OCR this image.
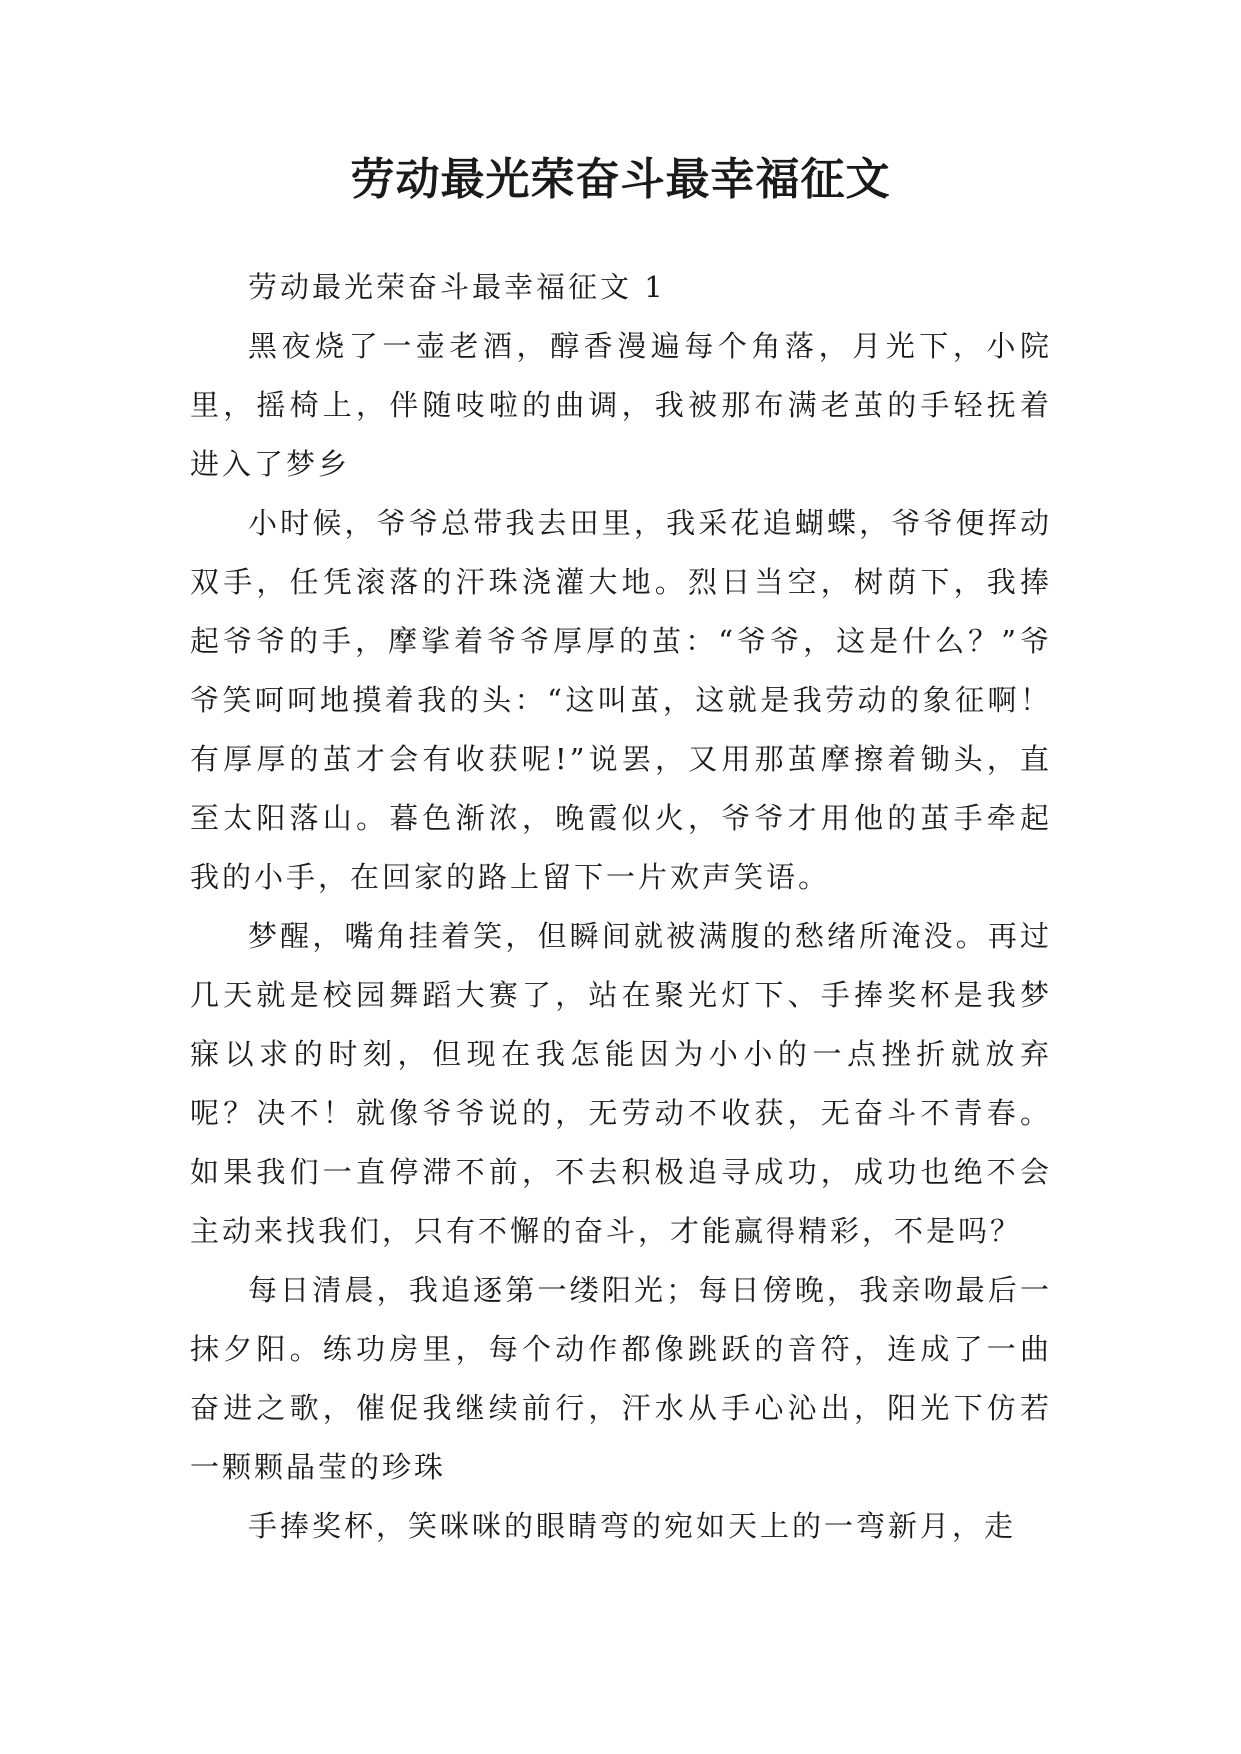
劳动最光荣奋斗最幸福征文

劳动最光荣奋斗最幸福征文 1

黑夜烧了一壶老酒，醇香漫遍每个角落，月光下，小院里，摇椅上，伴随吱啦的曲调，我被那布满老茧的手轻抚着进入了梦乡

小时候，爷爷总带我去田里，我采花追蝴蝶，爷爷便挥动双手，任凭滚落的汗珠浇灌大地。烈日当空，树荫下，我捧起爷爷的手，摩挲着爷爷厚厚的茧：“爷爷，这是什么？”爷爷笑呵呵地摸着我的头：“这叫茧，这就是我劳动的象征啊！有厚厚的茧才会有收获呢!”说罢，又用那茧摩擦着锄头，直至太阳落山。暮色渐浓，晚霞似火，爷爷才用他的茧手牵起我的小手，在回家的路上留下一片欢声笑语。

梦醒，嘴角挂着笑，但瞬间就被满腹的愁绪所淹没。再过几天就是校园舞蹈大赛了，站在聚光灯下、手捧奖杯是我梦寐以求的时刻，但现在我怎能因为小小的一点挫折就放弃呢？决不！就像爷爷说的，无劳动不收获，无奋斗不青春。如果我们一直停滞不前，不去积极追寻成功，成功也绝不会主动来找我们，只有不懈的奋斗，才能赢得精彩，不是吗？

每日清晨，我追逐第一缕阳光；每日傍晚，我亲吻最后一抹夕阳。练功房里，每个动作都像跳跃的音符，连成了一曲奋进之歌，催促我继续前行，汗水从手心沁出，阳光下仿若一颗颗晶莹的珍珠

手捧奖杯，笑咪咪的眼睛弯的宛如天上的一弯新月，走
